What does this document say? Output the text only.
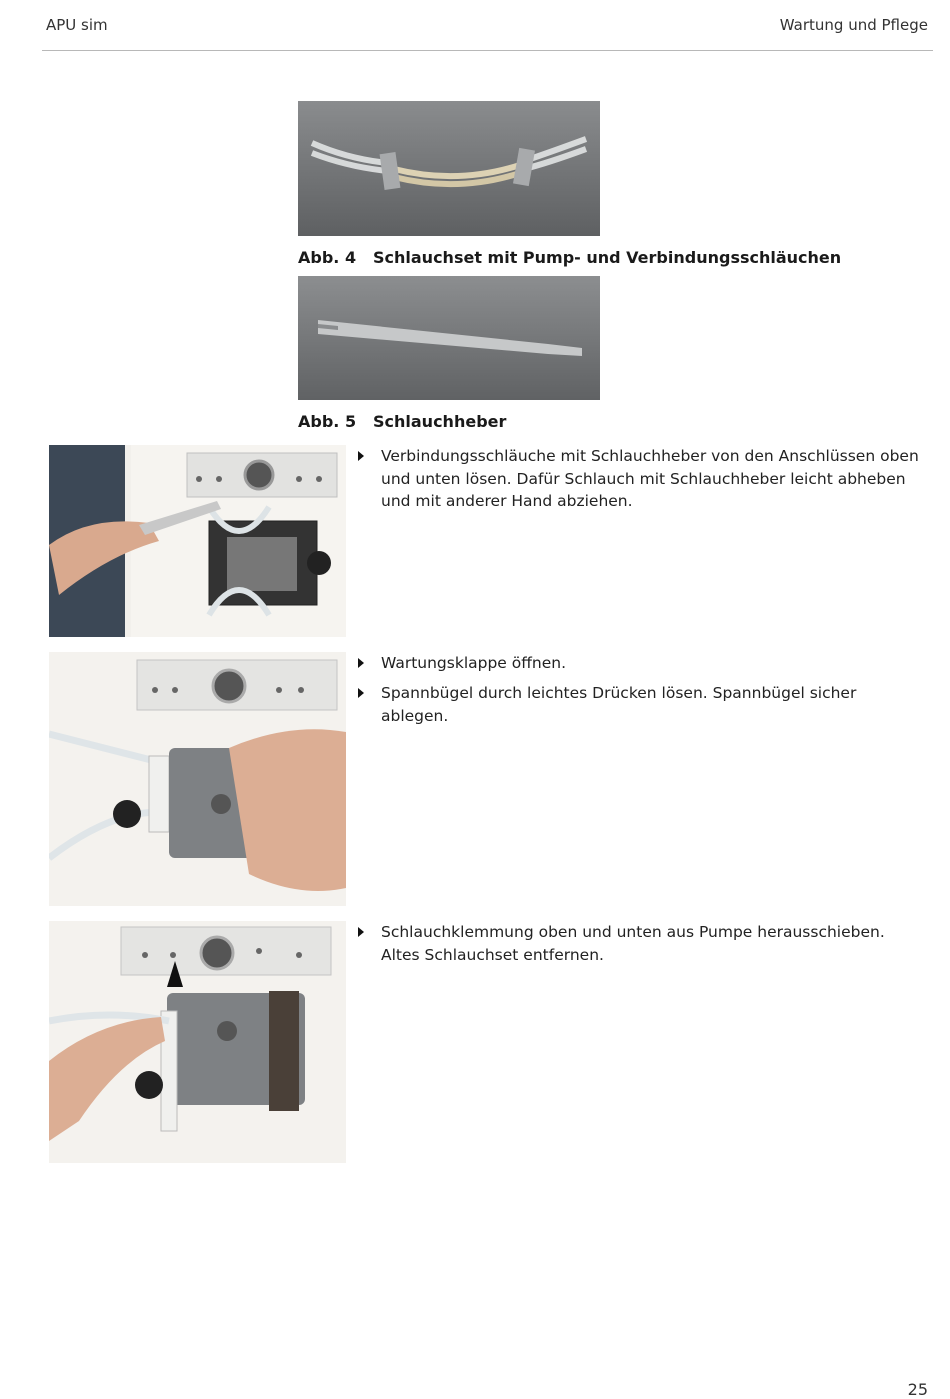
APU sim	Wartung und Pflege
Abb. 4 Schlauchset mit Pump- und Verbindungsschläuchen
Abb. 5 Schlauchheber
Verbindungsschläuche mit Schlauchheber von den Anschlüssen oben und unten lösen. Dafür Schlauch mit Schlauchheber leicht abheben und mit anderer Hand abziehen.
Wartungsklappe öffnen.
Spannbügel durch leichtes Drücken lösen. Spannbügel sicher ablegen.
Schlauchklemmung oben und unten aus Pumpe herausschieben. Altes Schlauchset entfernen.
25
